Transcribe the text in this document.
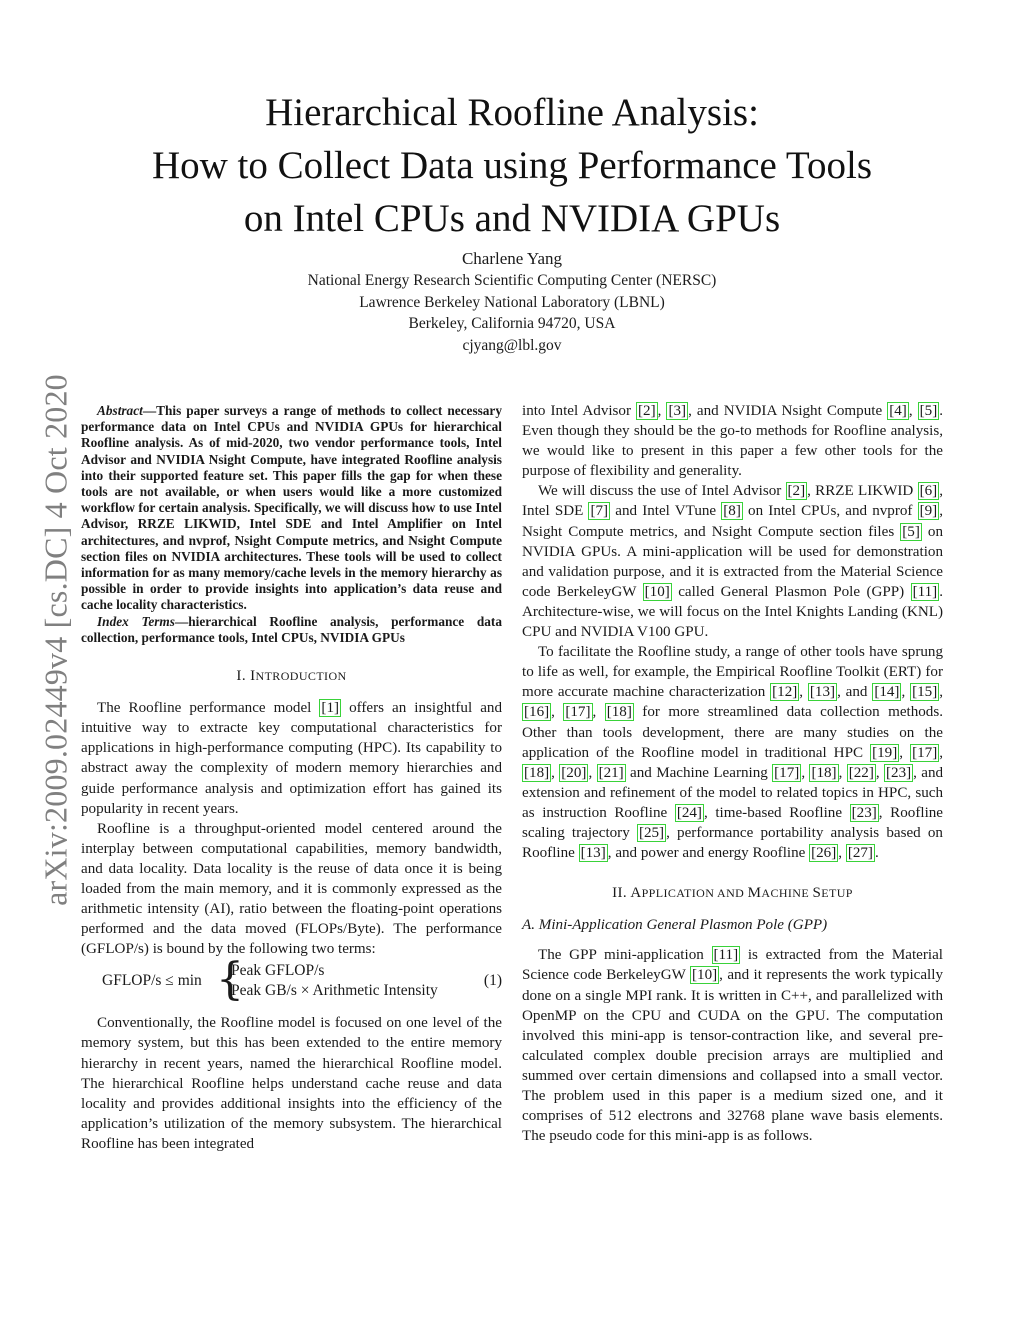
arXiv:2009.02449v4 [cs.DC] 4 Oct 2020
Hierarchical Roofline Analysis:
How to Collect Data using Performance Tools
on Intel CPUs and NVIDIA GPUs
Charlene Yang
National Energy Research Scientific Computing Center (NERSC)
Lawrence Berkeley National Laboratory (LBNL)
Berkeley, California 94720, USA
cjyang@lbl.gov

Abstract—This paper surveys a range of methods to collect necessary performance data on Intel CPUs and NVIDIA GPUs for hierarchical Roofline analysis. As of mid-2020, two vendor performance tools, Intel Advisor and NVIDIA Nsight Compute, have integrated Roofline analysis into their supported feature set. This paper fills the gap for when these tools are not available, or when users would like a more customized workflow for certain analysis. Specifically, we will discuss how to use Intel Advisor, RRZE LIKWID, Intel SDE and Intel Amplifier on Intel architectures, and nvprof, Nsight Compute metrics, and Nsight Compute section files on NVIDIA architectures. These tools will be used to collect information for as many memory/cache levels in the memory hierarchy as possible in order to provide insights into application’s data reuse and cache locality characteristics.

Index Terms—hierarchical Roofline analysis, performance data collection, performance tools, Intel CPUs, NVIDIA GPUs

I. INTRODUCTION

The Roofline performance model [1] offers an insightful and intuitive way to extracte key computational characteristics for applications in high-performance computing (HPC). Its capability to abstract away the complexity of modern memory hierarchies and guide performance analysis and optimization effort has gained its popularity in recent years.

Roofline is a throughput-oriented model centered around the interplay between computational capabilities, memory bandwidth, and data locality. Data locality is the reuse of data once it is being loaded from the main memory, and it is commonly expressed as the arithmetic intensity (AI), ratio between the floating-point operations performed and the data moved (FLOPs/Byte). The performance (GFLOP/s) is bound by the following two terms:

GFLOP/s ≤ min {
Peak GFLOP/s
Peak GB/s × Arithmetic Intensity
(1)

Conventionally, the Roofline model is focused on one level of the memory system, but this has been extended to the entire memory hierarchy in recent years, named the hierarchical Roofline model. The hierarchical Roofline helps understand cache reuse and data locality and provides additional insights into the efficiency of the application’s utilization of the memory subsystem. The hierarchical Roofline has been integrated

into Intel Advisor [2] , [3] , and NVIDIA Nsight Compute [4] , [5] . Even though they should be the go-to methods for Roofline analysis, we would like to present in this paper a few other tools for the purpose of flexibility and generality.

We will discuss the use of Intel Advisor [2] , RRZE LIKWID [6] , Intel SDE [7] and Intel VTune [8] on Intel CPUs, and nvprof [9] , Nsight Compute metrics, and Nsight Compute section files [5] on NVIDIA GPUs. A mini-application will be used for demonstration and validation purpose, and it is extracted from the Material Science code BerkeleyGW [10] called General Plasmon Pole (GPP) [11] . Architecture-wise, we will focus on the Intel Knights Landing (KNL) CPU and NVIDIA V100 GPU.

To facilitate the Roofline study, a range of other tools have sprung to life as well, for example, the Empirical Roofline Toolkit (ERT) for more accurate machine characterization [12] , [13] , and [14] , [15] , [16] , [17] , [18] for more streamlined data collection methods. Other than tools development, there are many studies on the application of the Roofline model in traditional HPC [19] , [17] , [18] , [20] , [21] and Machine Learning [17] , [18] , [22] , [23] , and extension and refinement of the model to related topics in HPC, such as instruction Roofline [24] , time-based Roofline [23] , Roofline scaling trajectory [25] , performance portability analysis based on Roofline [13] , and power and energy Roofline [26] , [27] .

II. APPLICATION AND MACHINE SETUP
A. Mini-Application General Plasmon Pole (GPP)

The GPP mini-application [11] is extracted from the Material Science code BerkeleyGW [10] , and it represents the work typically done on a single MPI rank. It is written in C++, and parallelized with OpenMP on the CPU and CUDA on the GPU. The computation involved this mini-app is tensor-contraction like, and several pre-calculated complex double precision arrays are multiplied and summed over certain dimensions and collapsed into a small vector. The problem used in this paper is a medium sized one, and it comprises of 512 electrons and 32768 plane wave basis elements. The pseudo code for this mini-app is as follows.
